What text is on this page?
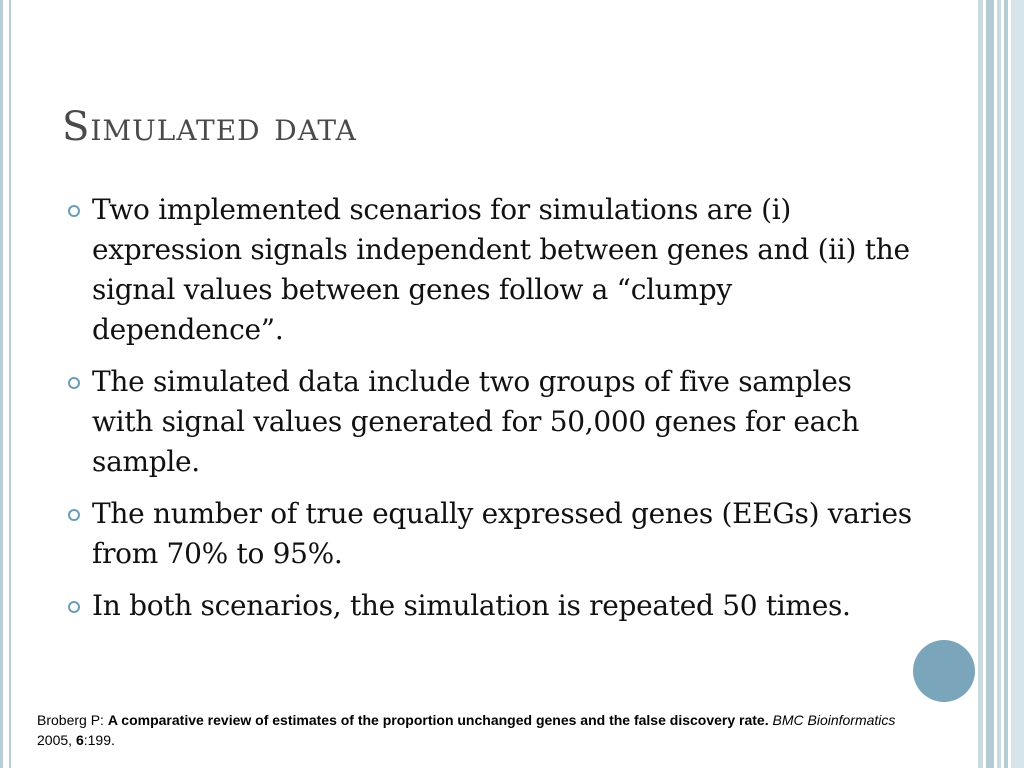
Simulated data
Two implemented scenarios for simulations are (i) expression signals independent between genes and (ii) the signal values between genes follow a “clumpy dependence”.
The simulated data include two groups of five samples with signal values generated for 50,000 genes for each sample.
The number of true equally expressed genes (EEGs) varies from 70% to 95%.
In both scenarios, the simulation is repeated 50 times.
Broberg P: A comparative review of estimates of the proportion unchanged genes and the false discovery rate. BMC Bioinformatics 2005, 6:199.
